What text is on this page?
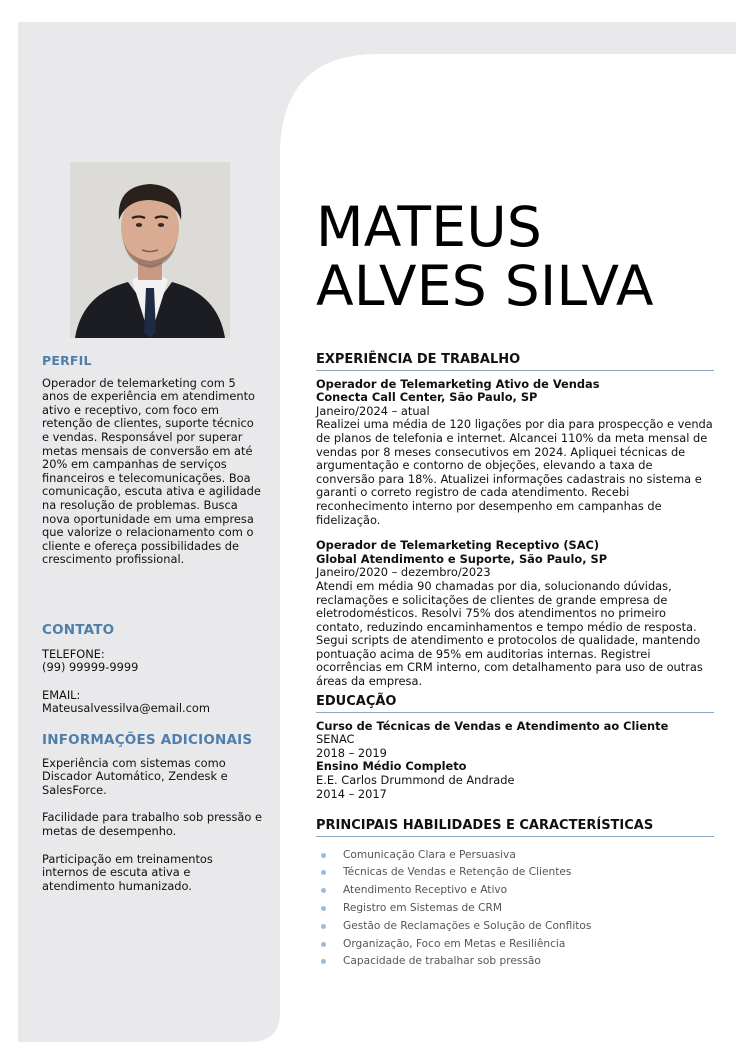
PERFIL

Operador de telemarketing com 5 anos de experiência em atendimento ativo e receptivo, com foco em retenção de clientes, suporte técnico e vendas. Responsável por superar metas mensais de conversão em até 20% em campanhas de serviços financeiros e telecomunicações. Boa comunicação, escuta ativa e agilidade na resolução de problemas. Busca nova oportunidade em uma empresa que valorize o relacionamento com o cliente e ofereça possibilidades de crescimento profissional.

CONTATO

TELEFONE:

(99) 99999-9999

EMAIL:

Mateusalvessilva@email.com

INFORMAÇÕES ADICIONAIS

Experiência com sistemas como Discador Automático, Zendesk e SalesForce.

Facilidade para trabalho sob pressão e metas de desempenho.

Participação em treinamentos internos de escuta ativa e atendimento humanizado.

MATEUS
ALVES SILVA
EXPERIÊNCIA DE TRABALHO

Operador de Telemarketing Ativo de Vendas

Conecta Call Center, São Paulo, SP

Janeiro/2024 – atual

Realizei uma média de 120 ligações por dia para prospecção e venda de planos de telefonia e internet. Alcancei 110% da meta mensal de vendas por 8 meses consecutivos em 2024. Apliquei técnicas de argumentação e contorno de objeções, elevando a taxa de conversão para 18%. Atualizei informações cadastrais no sistema e garanti o correto registro de cada atendimento. Recebi reconhecimento interno por desempenho em campanhas de fidelização.

Operador de Telemarketing Receptivo (SAC)

Global Atendimento e Suporte, São Paulo, SP

Janeiro/2020 – dezembro/2023

Atendi em média 90 chamadas por dia, solucionando dúvidas, reclamações e solicitações de clientes de grande empresa de eletrodomésticos. Resolvi 75% dos atendimentos no primeiro contato, reduzindo encaminhamentos e tempo médio de resposta. Segui scripts de atendimento e protocolos de qualidade, mantendo pontuação acima de 95% em auditorias internas. Registrei ocorrências em CRM interno, com detalhamento para uso de outras áreas da empresa.

EDUCAÇÃO

Curso de Técnicas de Vendas e Atendimento ao Cliente

SENAC

2018 – 2019

Ensino Médio Completo

E.E. Carlos Drummond de Andrade

2014 – 2017

PRINCIPAIS HABILIDADES E CARACTERÍSTICAS
Comunicação Clara e Persuasiva
Técnicas de Vendas e Retenção de Clientes
Atendimento Receptivo e Ativo
Registro em Sistemas de CRM
Gestão de Reclamações e Solução de Conflitos
Organização, Foco em Metas e Resiliência
Capacidade de trabalhar sob pressão
